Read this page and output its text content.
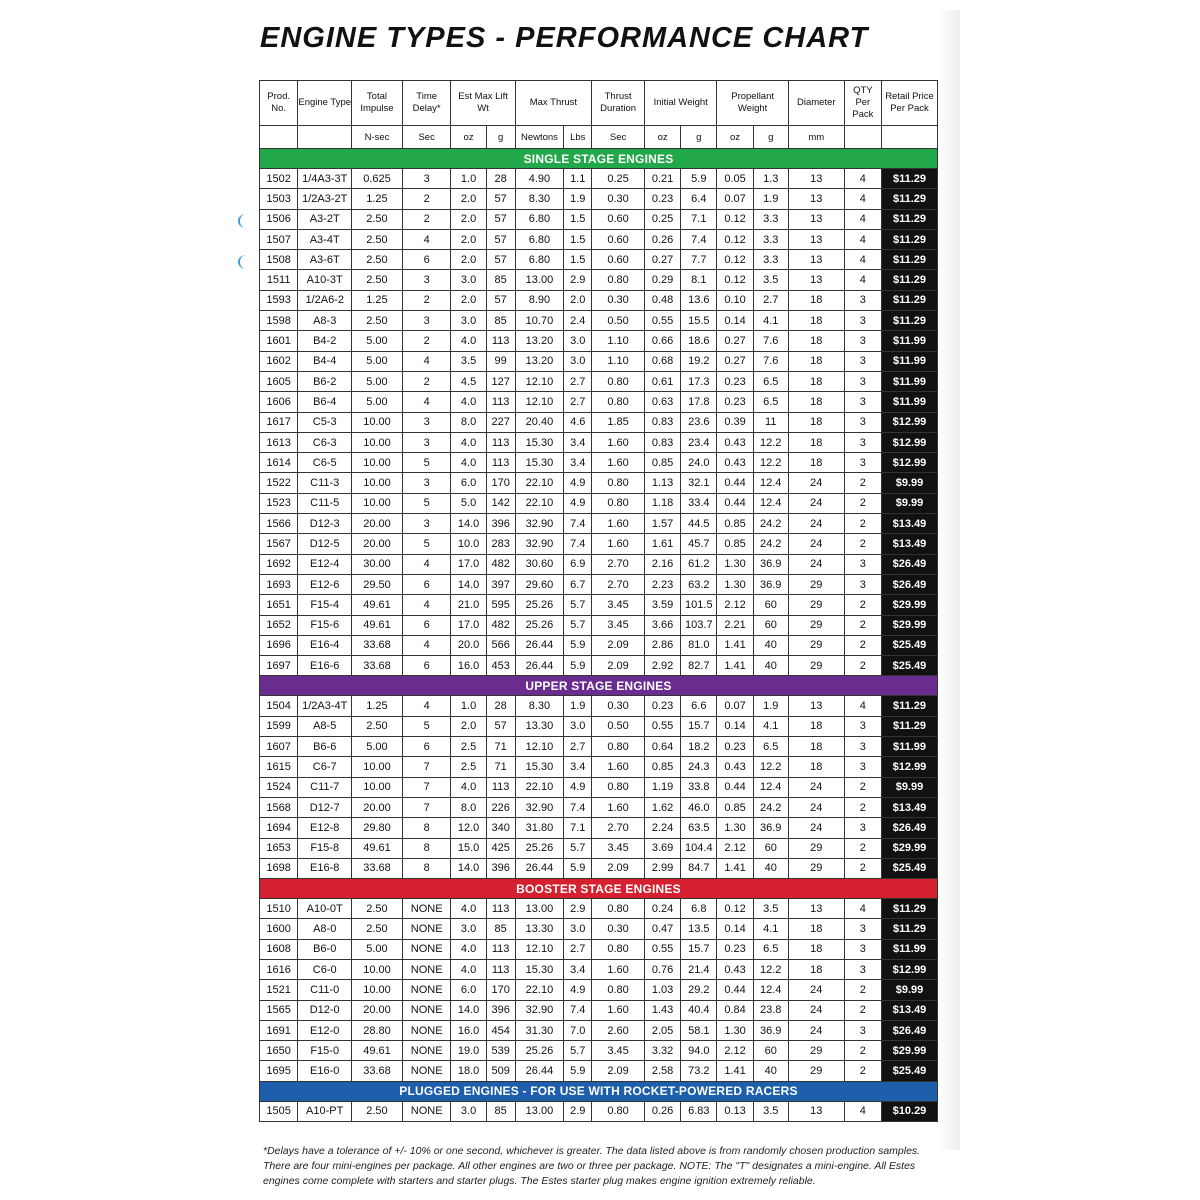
ENGINE TYPES - PERFORMANCE CHART
Prod. No.	Engine Type	Total Impulse	Time Delay*	Est Max Lift Wt		Max Thrust		Thrust Duration	Initial Weight		Propellant Weight		Diameter	QTY Per Pack	Retail Price Per Pack
		N-sec	Sec	oz	g	Newtons	Lbs	Sec	oz	g	oz	g	mm		
SINGLE STAGE ENGINES															
1502	1/4A3-3T	0.625	3	1.0	28	4.90	1.1	0.25	0.21	5.9	0.05	1.3	13	4	$11.29
1503	1/2A3-2T	1.25	2	2.0	57	8.30	1.9	0.30	0.23	6.4	0.07	1.9	13	4	$11.29
1506	A3-2T	2.50	2	2.0	57	6.80	1.5	0.60	0.25	7.1	0.12	3.3	13	4	$11.29
1507	A3-4T	2.50	4	2.0	57	6.80	1.5	0.60	0.26	7.4	0.12	3.3	13	4	$11.29
1508	A3-6T	2.50	6	2.0	57	6.80	1.5	0.60	0.27	7.7	0.12	3.3	13	4	$11.29
1511	A10-3T	2.50	3	3.0	85	13.00	2.9	0.80	0.29	8.1	0.12	3.5	13	4	$11.29
1593	1/2A6-2	1.25	2	2.0	57	8.90	2.0	0.30	0.48	13.6	0.10	2.7	18	3	$11.29
1598	A8-3	2.50	3	3.0	85	10.70	2.4	0.50	0.55	15.5	0.14	4.1	18	3	$11.29
1601	B4-2	5.00	2	4.0	113	13.20	3.0	1.10	0.66	18.6	0.27	7.6	18	3	$11.99
1602	B4-4	5.00	4	3.5	99	13.20	3.0	1.10	0.68	19.2	0.27	7.6	18	3	$11.99
1605	B6-2	5.00	2	4.5	127	12.10	2.7	0.80	0.61	17.3	0.23	6.5	18	3	$11.99
1606	B6-4	5.00	4	4.0	113	12.10	2.7	0.80	0.63	17.8	0.23	6.5	18	3	$11.99
1617	C5-3	10.00	3	8.0	227	20.40	4.6	1.85	0.83	23.6	0.39	11	18	3	$12.99
1613	C6-3	10.00	3	4.0	113	15.30	3.4	1.60	0.83	23.4	0.43	12.2	18	3	$12.99
1614	C6-5	10.00	5	4.0	113	15.30	3.4	1.60	0.85	24.0	0.43	12.2	18	3	$12.99
1522	C11-3	10.00	3	6.0	170	22.10	4.9	0.80	1.13	32.1	0.44	12.4	24	2	$9.99
1523	C11-5	10.00	5	5.0	142	22.10	4.9	0.80	1.18	33.4	0.44	12.4	24	2	$9.99
1566	D12-3	20.00	3	14.0	396	32.90	7.4	1.60	1.57	44.5	0.85	24.2	24	2	$13.49
1567	D12-5	20.00	5	10.0	283	32.90	7.4	1.60	1.61	45.7	0.85	24.2	24	2	$13.49
1692	E12-4	30.00	4	17.0	482	30.60	6.9	2.70	2.16	61.2	1.30	36.9	24	3	$26.49
1693	E12-6	29.50	6	14.0	397	29.60	6.7	2.70	2.23	63.2	1.30	36.9	29	3	$26.49
1651	F15-4	49.61	4	21.0	595	25.26	5.7	3.45	3.59	101.5	2.12	60	29	2	$29.99
1652	F15-6	49.61	6	17.0	482	25.26	5.7	3.45	3.66	103.7	2.21	60	29	2	$29.99
1696	E16-4	33.68	4	20.0	566	26.44	5.9	2.09	2.86	81.0	1.41	40	29	2	$25.49
1697	E16-6	33.68	6	16.0	453	26.44	5.9	2.09	2.92	82.7	1.41	40	29	2	$25.49
UPPER STAGE ENGINES															
1504	1/2A3-4T	1.25	4	1.0	28	8.30	1.9	0.30	0.23	6.6	0.07	1.9	13	4	$11.29
1599	A8-5	2.50	5	2.0	57	13.30	3.0	0.50	0.55	15.7	0.14	4.1	18	3	$11.29
1607	B6-6	5.00	6	2.5	71	12.10	2.7	0.80	0.64	18.2	0.23	6.5	18	3	$11.99
1615	C6-7	10.00	7	2.5	71	15.30	3.4	1.60	0.85	24.3	0.43	12.2	18	3	$12.99
1524	C11-7	10.00	7	4.0	113	22.10	4.9	0.80	1.19	33.8	0.44	12.4	24	2	$9.99
1568	D12-7	20.00	7	8.0	226	32.90	7.4	1.60	1.62	46.0	0.85	24.2	24	2	$13.49
1694	E12-8	29.80	8	12.0	340	31.80	7.1	2.70	2.24	63.5	1.30	36.9	24	3	$26.49
1653	F15-8	49.61	8	15.0	425	25.26	5.7	3.45	3.69	104.4	2.12	60	29	2	$29.99
1698	E16-8	33.68	8	14.0	396	26.44	5.9	2.09	2.99	84.7	1.41	40	29	2	$25.49
BOOSTER STAGE ENGINES															
1510	A10-0T	2.50	NONE	4.0	113	13.00	2.9	0.80	0.24	6.8	0.12	3.5	13	4	$11.29
1600	A8-0	2.50	NONE	3.0	85	13.30	3.0	0.30	0.47	13.5	0.14	4.1	18	3	$11.29
1608	B6-0	5.00	NONE	4.0	113	12.10	2.7	0.80	0.55	15.7	0.23	6.5	18	3	$11.99
1616	C6-0	10.00	NONE	4.0	113	15.30	3.4	1.60	0.76	21.4	0.43	12.2	18	3	$12.99
1521	C11-0	10.00	NONE	6.0	170	22.10	4.9	0.80	1.03	29.2	0.44	12.4	24	2	$9.99
1565	D12-0	20.00	NONE	14.0	396	32.90	7.4	1.60	1.43	40.4	0.84	23.8	24	2	$13.49
1691	E12-0	28.80	NONE	16.0	454	31.30	7.0	2.60	2.05	58.1	1.30	36.9	24	3	$26.49
1650	F15-0	49.61	NONE	19.0	539	25.26	5.7	3.45	3.32	94.0	2.12	60	29	2	$29.99
1695	E16-0	33.68	NONE	18.0	509	26.44	5.9	2.09	2.58	73.2	1.41	40	29	2	$25.49
PLUGGED ENGINES - FOR USE WITH ROCKET-POWERED RACERS															
1505	A10-PT	2.50	NONE	3.0	85	13.00	2.9	0.80	0.26	6.83	0.13	3.5	13	4	$10.29
*Delays have a tolerance of +/- 10% or one second, whichever is greater. The data listed above is from randomly chosen production samples. There are four mini-engines per package. All other engines are two or three per package. NOTE: The "T" designates a mini-engine. All Estes engines come complete with starters and starter plugs. The Estes starter plug makes engine ignition extremely reliable.
